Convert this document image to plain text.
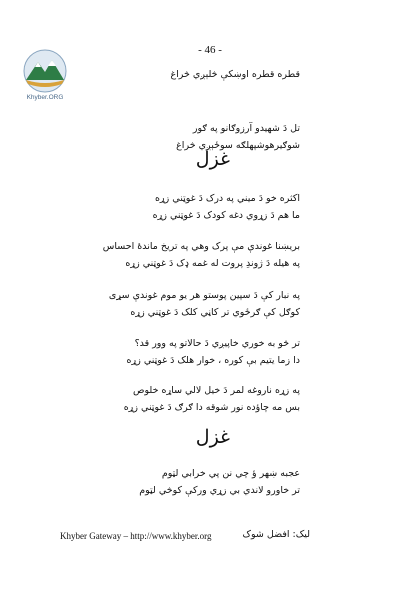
- 46 -
Khyber.ORG
قطره قطره اوښکې څلېږي څراغ
تل دَ شهيدو آرزوګانو په ګور
شوګيرهوشپهلګه سوځېږي څراغ
غزل
اکثره خو دَ ميني په درک دَ غوټني زړه
ما هم دَ زړوي دغه کودک دَ غوټني زړه
بريښنا غوندې مې پرک وهي په تريخ ماندهٔ احساس
په هيله دَ ژوندِ پروت له غمه ډک دَ غوټني زړه
په نبار کې دَ سپين پوستو هر يو موم غوندې سړی
کوګل کې ګرځوي تر کاڼي کلک دَ غوټني زړه
تر څو به خوري خاپيږي دَ حالاتو په وور قد؟
دا زما يتيم بې کوره ، خوار هلک دَ غوټني زړه
په زړه ناروغه لمر دَ خيل لالي ساړه خلوص
بس مه چاؤده نور شوقه دا ګرګ دَ غوټني زړه
غزل
عجبه ښهر ؤ چي نن پي خرابي لټوم
تر خاورو لاندي بي زړي ورکې کوڅي لټوم
Khyber Gateway – http://www.khyber.org	ليک: افضل شوک
